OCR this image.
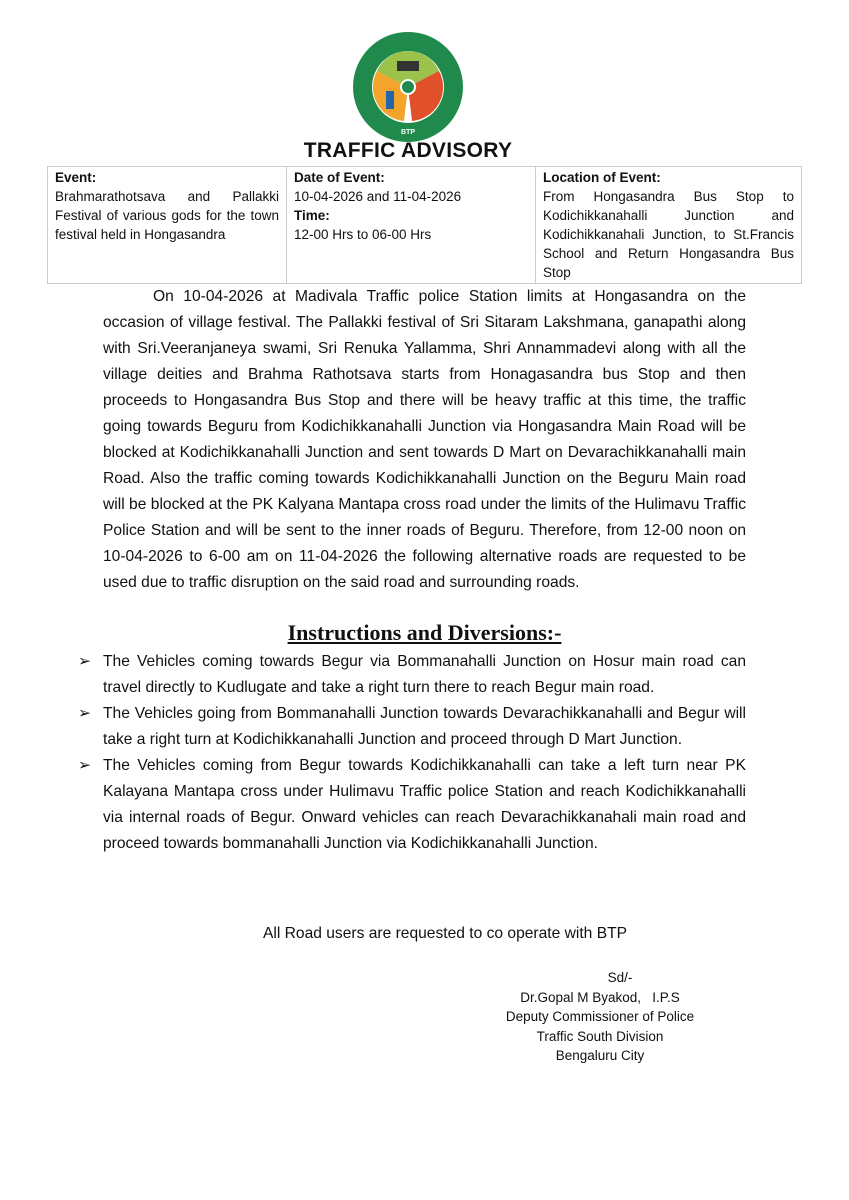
BTP
TRAFFIC ADVISORY
Event:
Brahmarathotsava and Pallakki Festival of various gods for the town festival held in Hongasandra	
Date of Event:
10-04-2026 and 11-04-2026
Time:
12-00 Hrs to 06-00 Hrs	
Location of Event:
From Hongasandra Bus Stop to Kodichikkanahalli Junction and Kodichikkanahali Junction, to St.Francis School and Return Hongasandra Bus Stop

On 10-04-2026 at Madivala Traffic police Station limits at Hongasandra on the occasion of village festival. The Pallakki festival of Sri Sitaram Lakshmana, ganapathi along with Sri.Veeranjaneya swami, Sri Renuka Yallamma, Shri Annammadevi along with all the village deities and Brahma Rathotsava starts from Honagasandra bus Stop and then proceeds to Hongasandra Bus Stop and there will be heavy traffic at this time, the traffic going towards Beguru from Kodichikkanahalli Junction via Hongasandra Main Road will be blocked at Kodichikkanahalli Junction and sent towards D Mart on Devarachikkanahalli main Road. Also the traffic coming towards Kodichikkanahalli Junction on the Beguru Main road will be blocked at the PK Kalyana Mantapa cross road under the limits of the Hulimavu Traffic Police Station and will be sent to the inner roads of Beguru. Therefore, from 12-00 noon on 10-04-2026 to 6-00 am on 11-04-2026 the following alternative roads are requested to be used due to traffic disruption on the said road and surrounding roads.

Instructions and Diversions:-
➢ The Vehicles coming towards Begur via Bommanahalli Junction on Hosur main road can travel directly to Kudlugate and take a right turn there to reach Begur main road.
➢ The Vehicles going from Bommanahalli Junction towards Devarachikkanahalli and Begur will take a right turn at Kodichikkanahalli Junction and proceed through D Mart Junction.
➢ The Vehicles coming from Begur towards Kodichikkanahalli can take a left turn near PK Kalayana Mantapa cross under Hulimavu Traffic police Station and reach Kodichikkanahalli via internal roads of Begur. Onward vehicles can reach Devarachikkanahali main road and proceed towards bommanahalli Junction via Kodichikkanahalli Junction.
All Road users are requested to co operate with BTP
Sd/-
Dr.Gopal M Byakod,   I.P.S
Deputy Commissioner of Police
Traffic South Division
Bengaluru City
